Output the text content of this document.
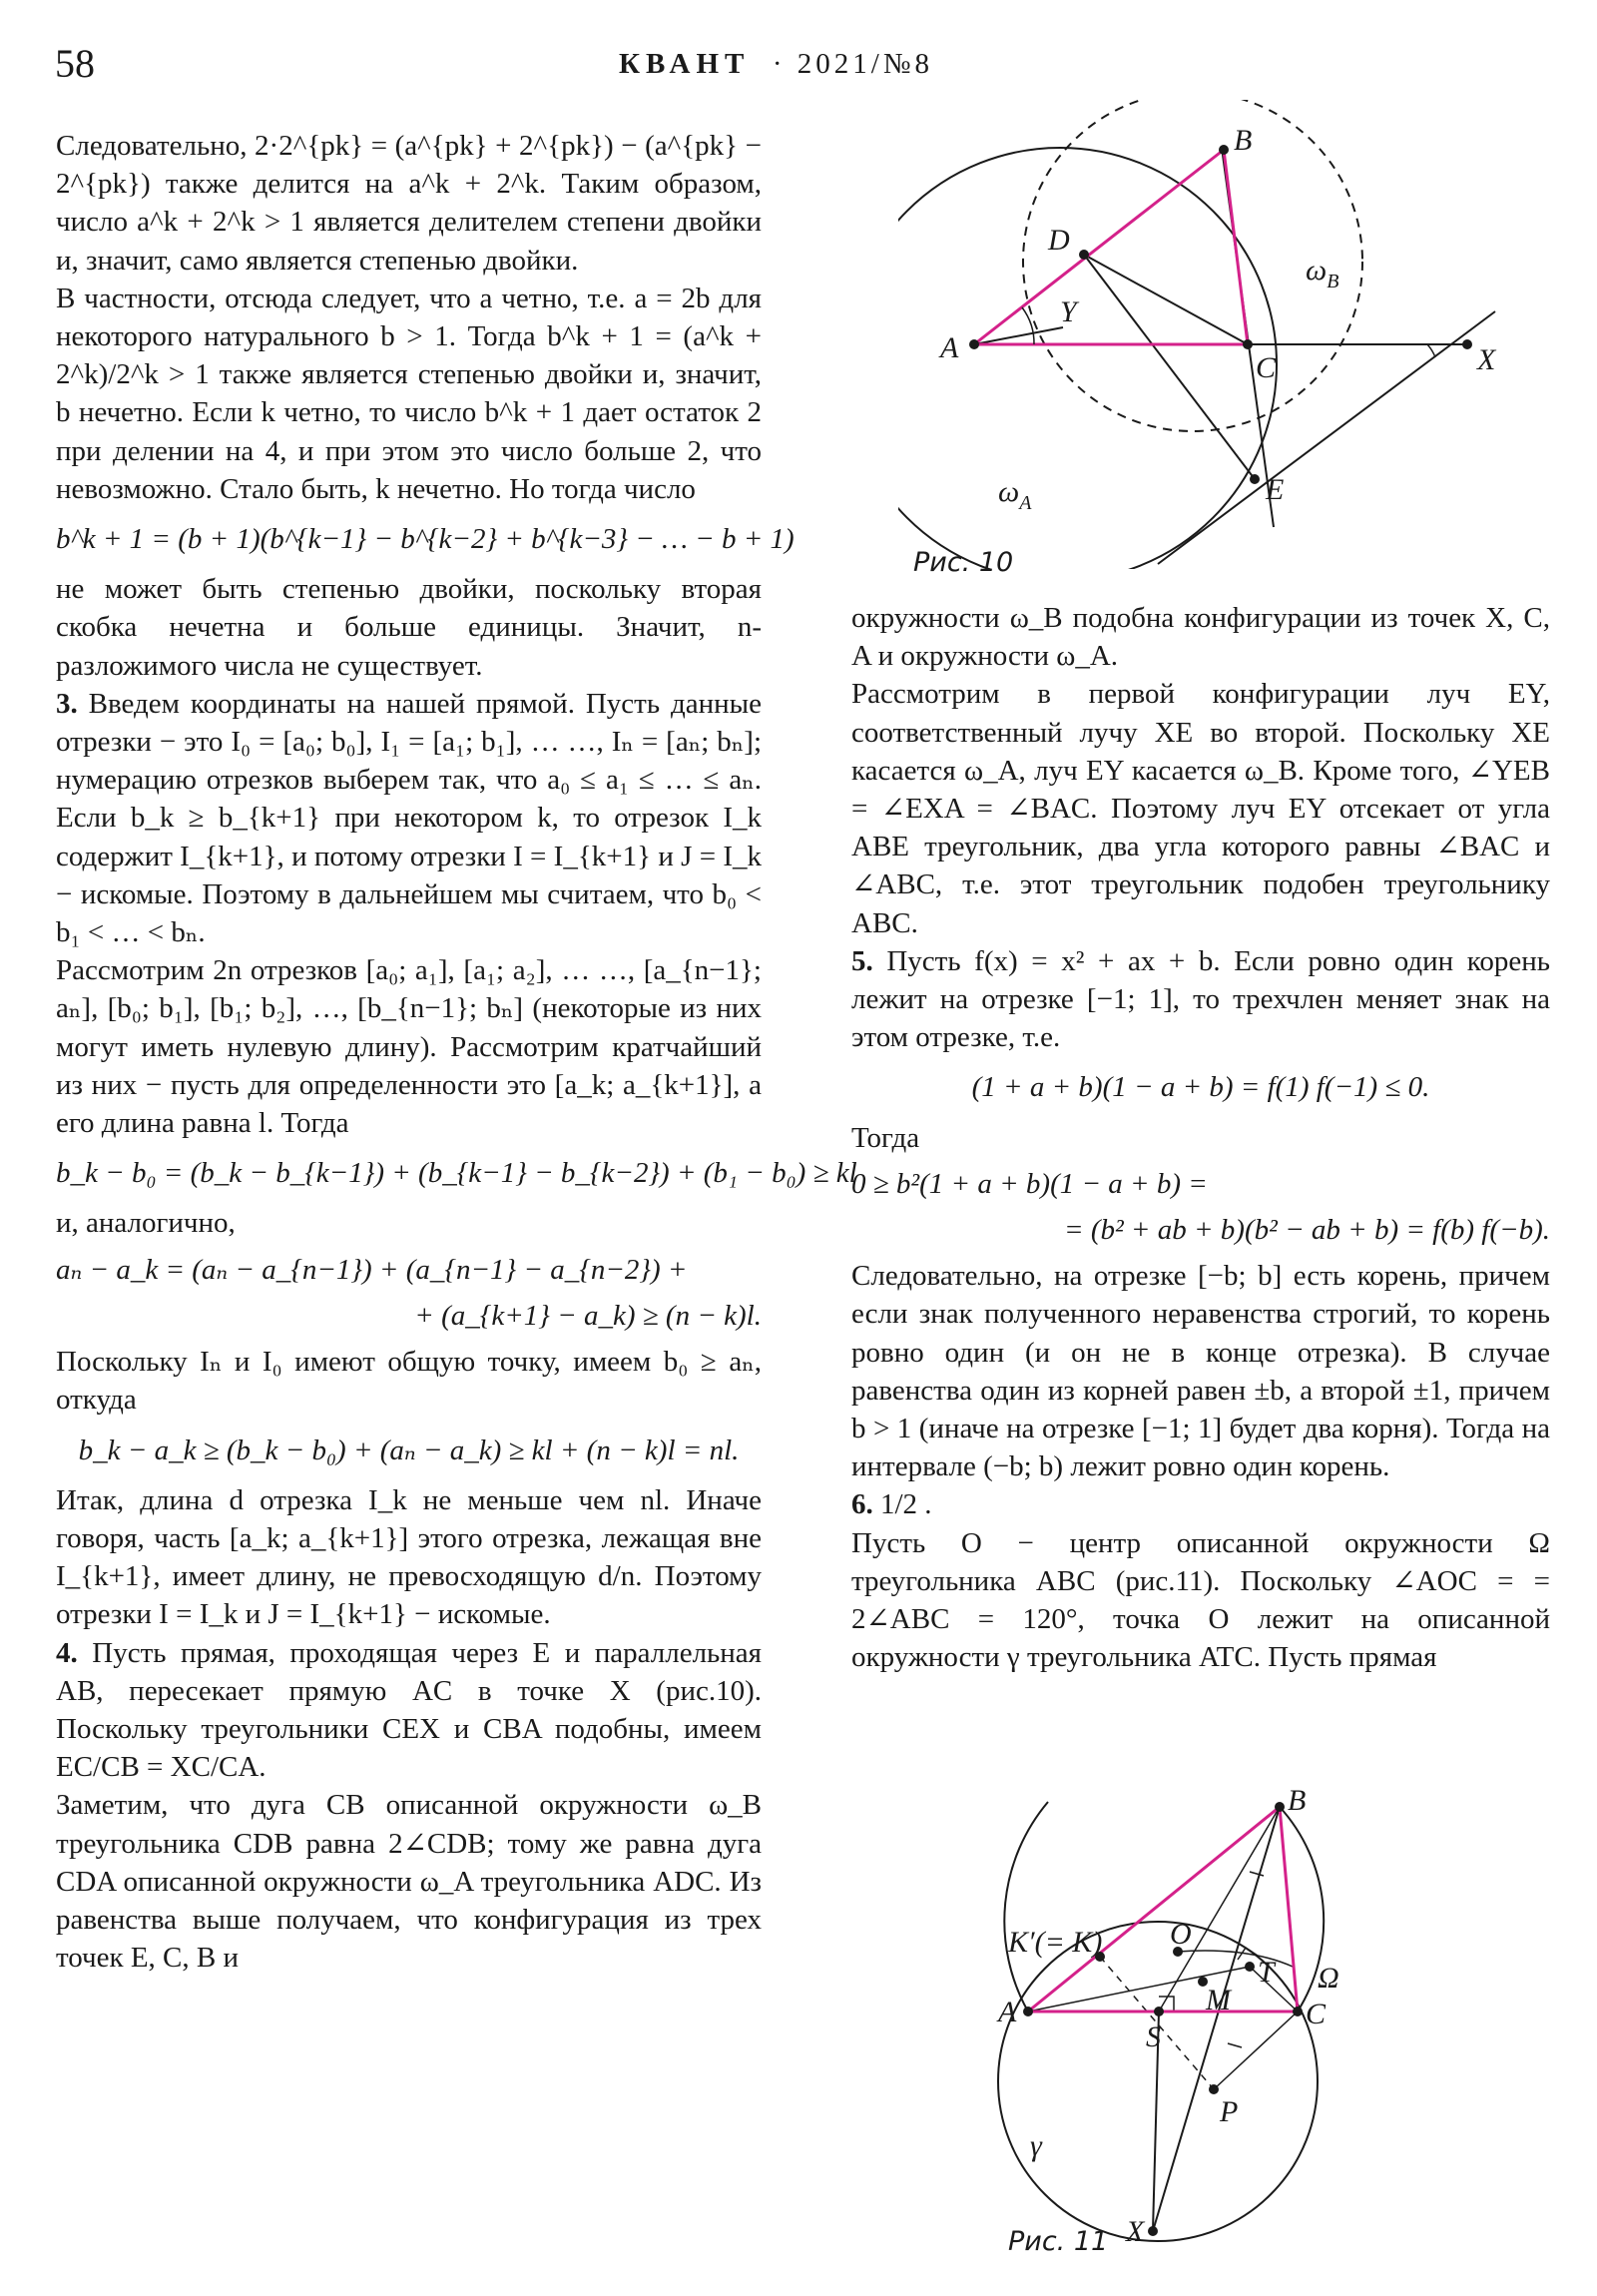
58	КВАНТ · 2021/№8

Следовательно, 2·2^{pk} = (a^{pk} + 2^{pk}) − (a^{pk} − 2^{pk}) также делится на a^k + 2^k. Таким образом, число a^k + 2^k > 1 является делителем степени двойки и, значит, само является степенью двойки.

В частности, отсюда следует, что a четно, т.е. a = 2b для некоторого натурального b > 1. Тогда b^k + 1 = (a^k + 2^k)/2^k > 1 также является степенью двойки и, значит, b нечетно. Если k четно, то число b^k + 1 дает остаток 2 при делении на 4, и при этом это число больше 2, что невозможно. Стало быть, k нечетно. Но тогда число

b^k + 1 = (b + 1)(b^{k−1} − b^{k−2} + b^{k−3} − … − b + 1)

не может быть степенью двойки, поскольку вторая скобка нечетна и больше единицы. Значит, n-разложимого числа не существует.

3. Введем координаты на нашей прямой. Пусть данные отрезки − это I₀ = [a₀; b₀], I₁ = [a₁; b₁], … …, Iₙ = [aₙ; bₙ]; нумерацию отрезков выберем так, что a₀ ≤ a₁ ≤ … ≤ aₙ. Если b_k ≥ b_{k+1} при некотором k, то отрезок I_k содержит I_{k+1}, и потому отрезки I = I_{k+1} и J = I_k − искомые. Поэтому в дальнейшем мы считаем, что b₀ < b₁ < … < bₙ.

Рассмотрим 2n отрезков [a₀; a₁], [a₁; a₂], … …, [a_{n−1}; aₙ], [b₀; b₁], [b₁; b₂], …, [b_{n−1}; bₙ] (некоторые из них могут иметь нулевую длину). Рассмотрим кратчайший из них − пусть для определенности это [a_k; a_{k+1}], а его длина равна l. Тогда

b_k − b₀ = (b_k − b_{k−1}) + (b_{k−1} − b_{k−2}) + (b₁ − b₀) ≥ kl

и, аналогично,

aₙ − a_k = (aₙ − a_{n−1}) + (a_{n−1} − a_{n−2}) +
+ (a_{k+1} − a_k) ≥ (n − k)l.

Поскольку Iₙ и I₀ имеют общую точку, имеем b₀ ≥ aₙ, откуда

b_k − a_k ≥ (b_k − b₀) + (aₙ − a_k) ≥ kl + (n − k)l = nl.

Итак, длина d отрезка I_k не меньше чем nl. Иначе говоря, часть [a_k; a_{k+1}] этого отрезка, лежащая вне I_{k+1}, имеет длину, не превосходящую d/n. Поэтому отрезки I = I_k и J = I_{k+1} − искомые.

4. Пусть прямая, проходящая через E и параллельная AB, пересекает прямую AC в точке X (рис.10). Поскольку треугольники CEX и CBA подобны, имеем EC/CB = XC/CA.

Заметим, что дуга CB описанной окружности ω_B треугольника CDB равна 2∠CDB; тому же равна дуга CDA описанной окружности ω_A треугольника ADC. Из равенства выше получаем, что конфигурация из трех точек E, C, B и

A
B
C
D
E
X
Y
$\omega_B$
$\omega_A$
Рис. 10

окружности ω_B подобна конфигурации из точек X, C, A и окружности ω_A.

Рассмотрим в первой конфигурации луч EY, соответственный лучу XE во второй. Поскольку XE касается ω_A, луч EY касается ω_B. Кроме того, ∠YEB = ∠EXA = ∠BAC. Поэтому луч EY отсекает от угла ABE треугольник, два угла которого равны ∠BAC и ∠ABC, т.е. этот треугольник подобен треугольнику ABC.

5. Пусть f(x) = x² + ax + b. Если ровно один корень лежит на отрезке [−1; 1], то трехчлен меняет знак на этом отрезке, т.е.

(1 + a + b)(1 − a + b) = f(1) f(−1) ≤ 0.

Тогда

0 ≥ b²(1 + a + b)(1 − a + b) =
= (b² + ab + b)(b² − ab + b) = f(b) f(−b).

Следовательно, на отрезке [−b; b] есть корень, причем если знак полученного неравенства строгий, то корень ровно один (и он не в конце отрезка). В случае равенства один из корней равен ±b, а второй ±1, причем b > 1 (иначе на отрезке [−1; 1] будет два корня). Тогда на интервале (−b; b) лежит ровно один корень.

6. 1/2 .

Пусть O − центр описанной окружности Ω треугольника ABC (рис.11). Поскольку ∠AOC = = 2∠ABC = 120°, точка O лежит на описанной окружности γ треугольника ATC. Пусть прямая

A
B
C
K′(= K) O
M
T
S
P
X
Ω
γ
Рис. 11
